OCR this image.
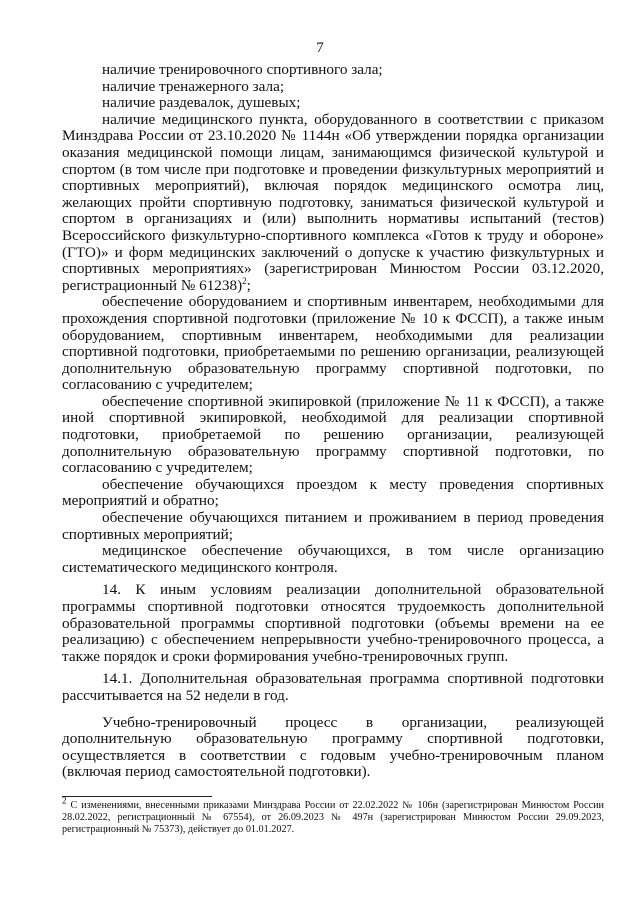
7

наличие тренировочного спортивного зала;

наличие тренажерного зала;

наличие раздевалок, душевых;

наличие медицинского пункта, оборудованного в соответствии с приказом Минздрава России от 23.10.2020 № 1144н «Об утверждении порядка организации оказания медицинской помощи лицам, занимающимся физической культурой и спортом (в том числе при подготовке и проведении физкультурных мероприятий и спортивных мероприятий), включая порядок медицинского осмотра лиц, желающих пройти спортивную подготовку, заниматься физической культурой и спортом в организациях и (или) выполнить нормативы испытаний (тестов) Всероссийского физкультурно-спортивного комплекса «Готов к труду и обороне» (ГТО)» и форм медицинских заключений о допуске к участию физкультурных и спортивных мероприятиях» (зарегистрирован Минюстом России 03.12.2020, регистрационный № 61238)$^2$;

обеспечение оборудованием и спортивным инвентарем, необходимыми для прохождения спортивной подготовки (приложение № 10 к ФССП), а также иным оборудованием, спортивным инвентарем, необходимыми для реализации спортивной подготовки, приобретаемыми по решению организации, реализующей дополнительную образовательную программу спортивной подготовки, по согласованию с учредителем;

обеспечение спортивной экипировкой (приложение № 11 к ФССП), а также иной спортивной экипировкой, необходимой для реализации спортивной подготовки, приобретаемой по решению организации, реализующей дополнительную образовательную программу спортивной подготовки, по согласованию с учредителем;

обеспечение обучающихся проездом к месту проведения спортивных мероприятий и обратно;

обеспечение обучающихся питанием и проживанием в период проведения спортивных мероприятий;

медицинское обеспечение обучающихся, в том числе организацию систематического медицинского контроля.

14. К иным условиям реализации дополнительной образовательной программы спортивной подготовки относятся трудоемкость дополнительной образовательной программы спортивной подготовки (объемы времени на ее реализацию) с обеспечением непрерывности учебно-тренировочного процесса, а также порядок и сроки формирования учебно-тренировочных групп.

14.1. Дополнительная образовательная программа спортивной подготовки рассчитывается на 52 недели в год.

Учебно-тренировочный процесс в организации, реализующей дополнительную образовательную программу спортивной подготовки, осуществляется в соответствии с годовым учебно-тренировочным планом (включая период самостоятельной подготовки).

$^2$ С изменениями, внесенными приказами Минздрава России от 22.02.2022 № 106н (зарегистрирован Минюстом России 28.02.2022, регистрационный № 67554), от 26.09.2023 № 497н (зарегистрирован Минюстом России 29.09.2023, регистрационный № 75373), действует до 01.01.2027.
